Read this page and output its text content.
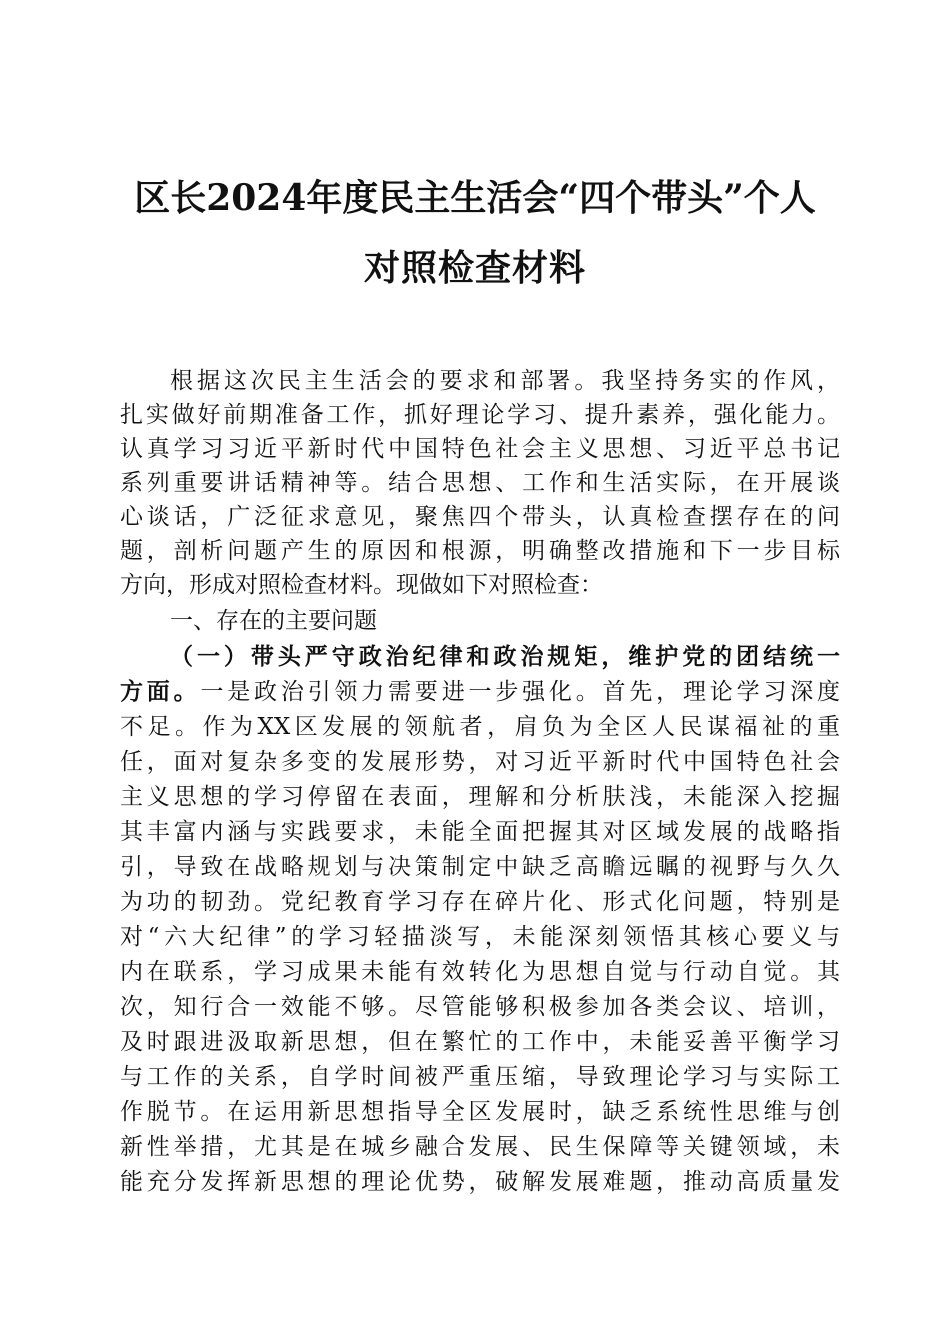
区长2024年度民主生活会“四个带头”个人
对照检查材料
根据这次民主生活会的要求和部署。我坚持务实的作风，
扎实做好前期准备工作，抓好理论学习、提升素养，强化能力。
认真学习习近平新时代中国特色社会主义思想、习近平总书记
系列重要讲话精神等。结合思想、工作和生活实际，在开展谈
心谈话，广泛征求意见，聚焦四个带头，认真检查摆存在的问
题，剖析问题产生的原因和根源，明确整改措施和下一步目标
方向，形成对照检查材料。现做如下对照检查：
一、存在的主要问题
（一）带头严守政治纪律和政治规矩，维护党的团结统一
方面。一是政治引领力需要进一步强化。首先，理论学习深度
不足。作为XX区发展的领航者，肩负为全区人民谋福祉的重
任，面对复杂多变的发展形势，对习近平新时代中国特色社会
主义思想的学习停留在表面，理解和分析肤浅，未能深入挖掘
其丰富内涵与实践要求，未能全面把握其对区域发展的战略指
引，导致在战略规划与决策制定中缺乏高瞻远瞩的视野与久久
为功的韧劲。党纪教育学习存在碎片化、形式化问题，特别是
对“六大纪律”的学习轻描淡写，未能深刻领悟其核心要义与
内在联系，学习成果未能有效转化为思想自觉与行动自觉。其
次，知行合一效能不够。尽管能够积极参加各类会议、培训，
及时跟进汲取新思想，但在繁忙的工作中，未能妥善平衡学习
与工作的关系，自学时间被严重压缩，导致理论学习与实际工
作脱节。在运用新思想指导全区发展时，缺乏系统性思维与创
新性举措，尤其是在城乡融合发展、民生保障等关键领域，未
能充分发挥新思想的理论优势，破解发展难题，推动高质量发
